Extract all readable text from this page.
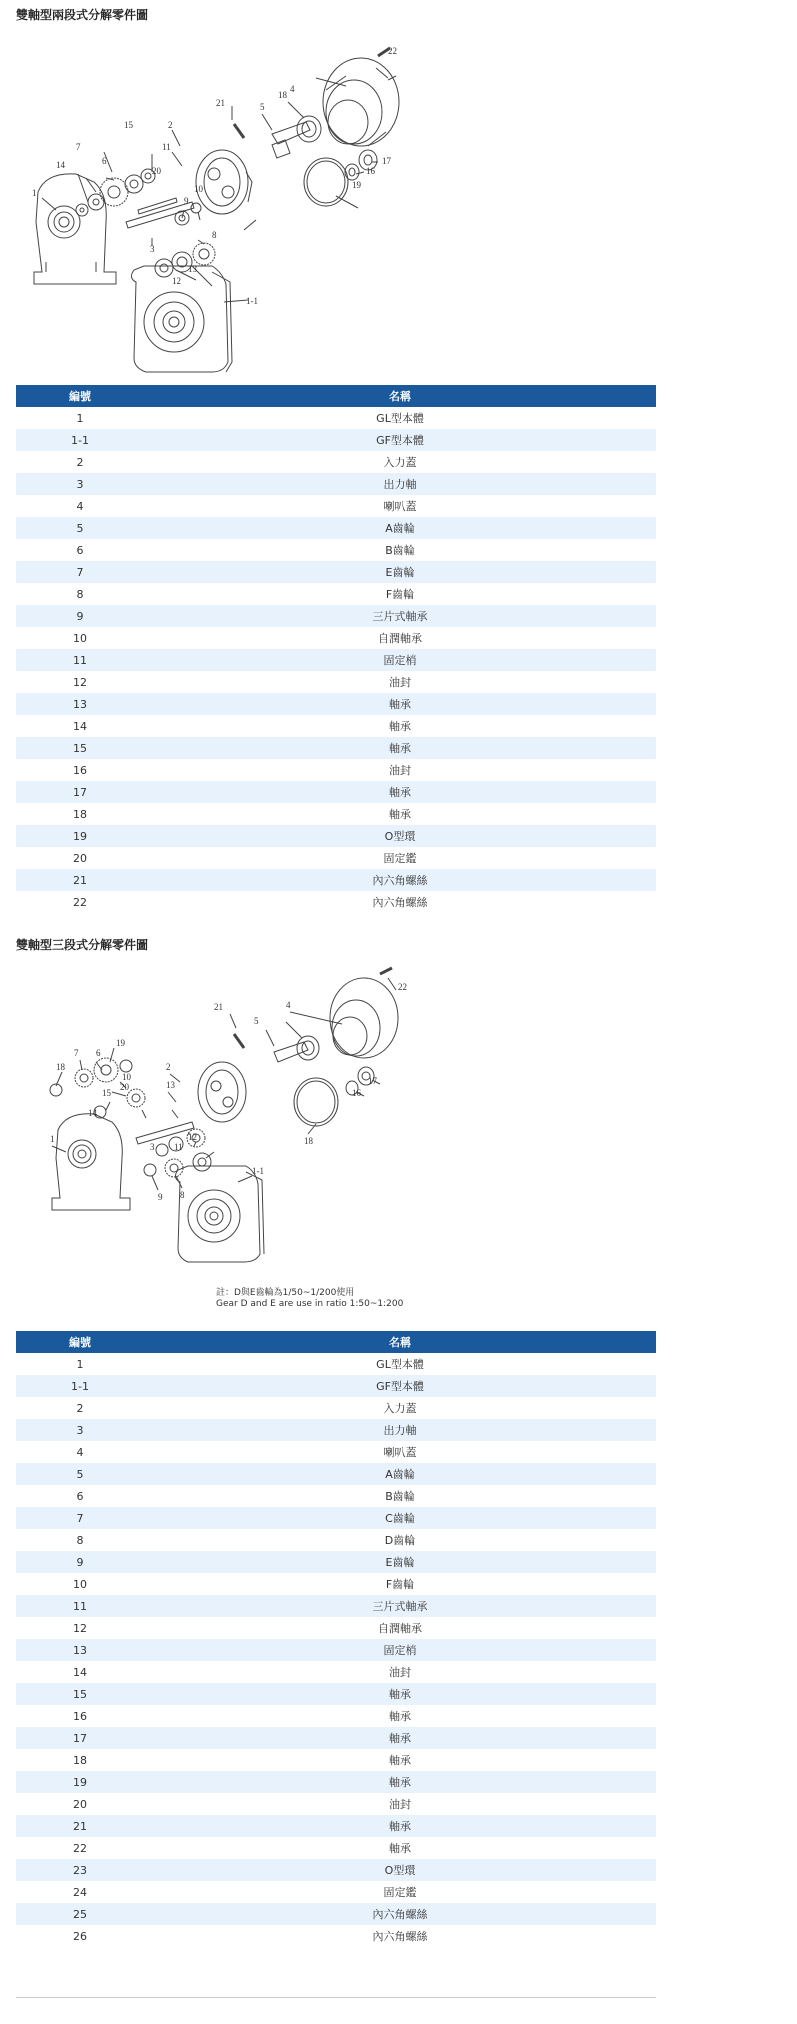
雙軸型兩段式分解零件圖
1
1-1
2
3
4
5
6
7
8
9
10
11
12
13
14
15
16
17
18
19
20
21
22
編號	名稱
1	GL型本體
1-1	GF型本體
2	入力蓋
3	出力軸
4	喇叭蓋
5	A齒輪
6	B齒輪
7	E齒輪
8	F齒輪
9	三片式軸承
10	自潤軸承
11	固定梢
12	油封
13	軸承
14	軸承
15	軸承
16	油封
17	軸承
18	軸承
19	O型環
20	固定鑑
21	內六角螺絲
22	內六角螺絲
雙軸型三段式分解零件圖
1
1-1
2
3
4
5
6
7
8
9
10
11
12
13
14
15	16
17
18
18
19
20
21
22
註：D與E齒輪為1/50~1/200使用
Gear D and E are use in ratio 1:50~1:200
編號	名稱
1	GL型本體
1-1	GF型本體
2	入力蓋
3	出力軸
4	喇叭蓋
5	A齒輪
6	B齒輪
7	C齒輪
8	D齒輪
9	E齒輪
10	F齒輪
11	三片式軸承
12	自潤軸承
13	固定梢
14	油封
15	軸承
16	軸承
17	軸承
18	軸承
19	軸承
20	油封
21	軸承
22	軸承
23	O型環
24	固定鑑
25	內六角螺絲
26	內六角螺絲
